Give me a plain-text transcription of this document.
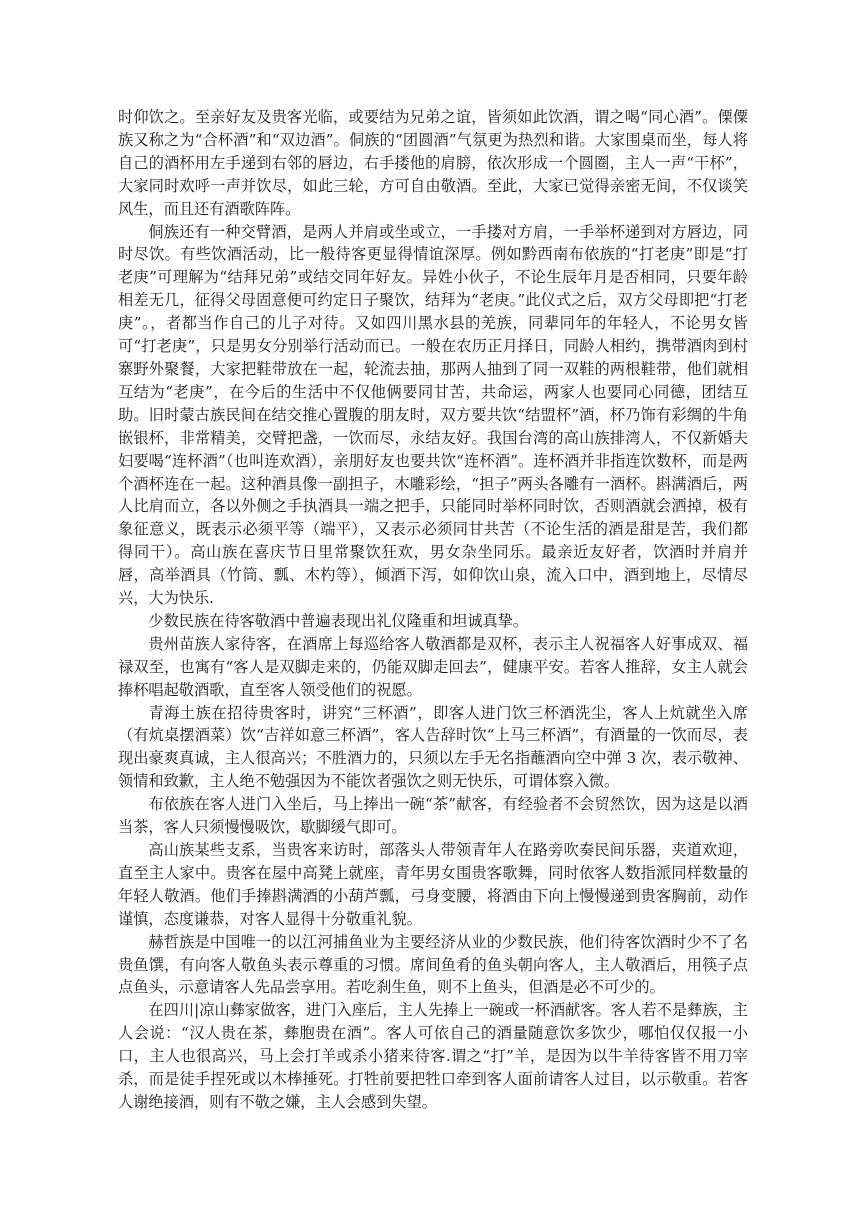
时仰饮之。至亲好友及贵客光临，或要结为兄弟之谊，皆须如此饮酒，谓之喝“同心酒”。傈僳族又称之为“合杯酒”和“双边酒”。侗族的“团圆酒”气氛更为热烈和谐。大家围桌而坐，每人将自己的酒杯用左手递到右邻的唇边，右手搂他的肩膀，依次形成一个圆圈，主人一声“干杯”，大家同时欢呼一声并饮尽，如此三轮，方可自由敬酒。至此，大家已觉得亲密无间，不仅谈笑风生，而且还有酒歌阵阵。

侗族还有一种交臂酒，是两人并肩或坐或立，一手搂对方肩，一手举杯递到对方唇边，同时尽饮。有些饮酒活动，比一般待客更显得情谊深厚。例如黔西南布依族的“打老庚”即是“打老庚”可理解为“结拜兄弟”或结交同年好友。异姓小伙子，不论生辰年月是否相同，只要年龄相差无几，征得父母固意便可约定日子聚饮，结拜为“老庚。”此仪式之后，双方父母即把“打老庚”。，者都当作自己的儿子对待。又如四川黑水县的羌族，同辈同年的年轻人，不论男女皆可“打老庚”，只是男女分别举行活动而已。一般在农历正月择日，同龄人相约，携带酒肉到村寨野外聚餐，大家把鞋带放在一起，轮流去抽，那两人抽到了同一双鞋的两根鞋带，他们就相互结为“老庚”，在今后的生活中不仅他俩要同甘苦，共命运，两家人也要同心同德，团结互助。旧时蒙古族民间在结交推心置腹的朋友时，双方要共饮“结盟杯”酒，杯乃饰有彩绸的牛角嵌银杯，非常精美，交臂把盏，一饮而尽，永结友好。我国台湾的高山族排湾人，不仅新婚夫妇要喝“连杯酒”（也叫连欢酒），亲朋好友也要共饮“连杯酒”。连杯酒并非指连饮数杯，而是两个酒杯连在一起。这种酒具像一副担子，木雕彩绘，“担子”两头各雕有一酒杯。斟满酒后，两人比肩而立，各以外侧之手执酒具一端之把手，只能同时举杯同时饮，否则酒就会洒掉，极有象征意义，既表示必须平等（端平），又表示必须同甘共苦（不论生活的酒是甜是苦，我们都得同干）。高山族在喜庆节日里常聚饮狂欢，男女杂坐同乐。最亲近友好者，饮酒时并肩并唇，高举酒具（竹筒、瓢、木杓等），倾酒下泻，如仰饮山泉，流入口中，酒到地上，尽情尽兴，大为快乐.

少数民族在待客敬酒中普遍表现出礼仪隆重和坦诚真挚。

贵州苗族人家待客，在酒席上每巡给客人敬酒都是双杯，表示主人祝福客人好事成双、福禄双至，也寓有“客人是双脚走来的，仍能双脚走回去”，健康平安。若客人推辞，女主人就会捧杯唱起敬酒歌，直至客人领受他们的祝愿。

青海土族在招待贵客时，讲究“三杯酒”，即客人进门饮三杯酒洗尘，客人上炕就坐入席（有炕桌摆酒菜）饮“吉祥如意三杯酒”，客人告辞时饮“上马三杯酒”，有酒量的一饮而尽，表现出豪爽真诚，主人很高兴；不胜酒力的，只须以左手无名指蘸酒向空中弹 3 次，表示敬神、领情和致歉，主人绝不勉强因为不能饮者强饮之则无快乐，可谓体察入微。

布依族在客人进门入坐后，马上捧出一碗“茶”献客，有经验者不会贸然饮，因为这是以酒当茶，客人只须慢慢吸饮，歇脚缓气即可。

高山族某些支系，当贵客来访时，部落头人带领青年人在路旁吹奏民间乐器，夹道欢迎，直至主人家中。贵客在屋中高凳上就座，青年男女围贵客歌舞，同时依客人数指派同样数量的年轻人敬酒。他们手捧斟满酒的小葫芦瓢，弓身变腰，将酒由下向上慢慢递到贵客胸前，动作谨慎，态度谦恭，对客人显得十分敬重礼貌。

赫哲族是中国唯一的以江河捕鱼业为主要经济从业的少数民族，他们待客饮酒时少不了名贵鱼馔，有向客人敬鱼头表示尊重的习惯。席间鱼肴的鱼头朝向客人，主人敬酒后，用筷子点点鱼头，示意请客人先品尝享用。若吃刹生鱼，则不上鱼头，但酒是必不可少的。

在四川|凉山彝家做客，进门入座后，主人先捧上一碗或一杯酒献客。客人若不是彝族，主人会说：“汉人贵在茶，彝胞贵在酒”。客人可依自己的酒量随意饮多饮少，哪怕仅仅报一小口，主人也很高兴，马上会打羊或杀小猪来待客.谓之“打”羊，是因为以牛羊待客皆不用刀宰杀，而是徒手捏死或以木棒捶死。打牲前要把牲口牵到客人面前请客人过目，以示敬重。若客人谢绝接酒，则有不敬之嫌，主人会感到失望。
